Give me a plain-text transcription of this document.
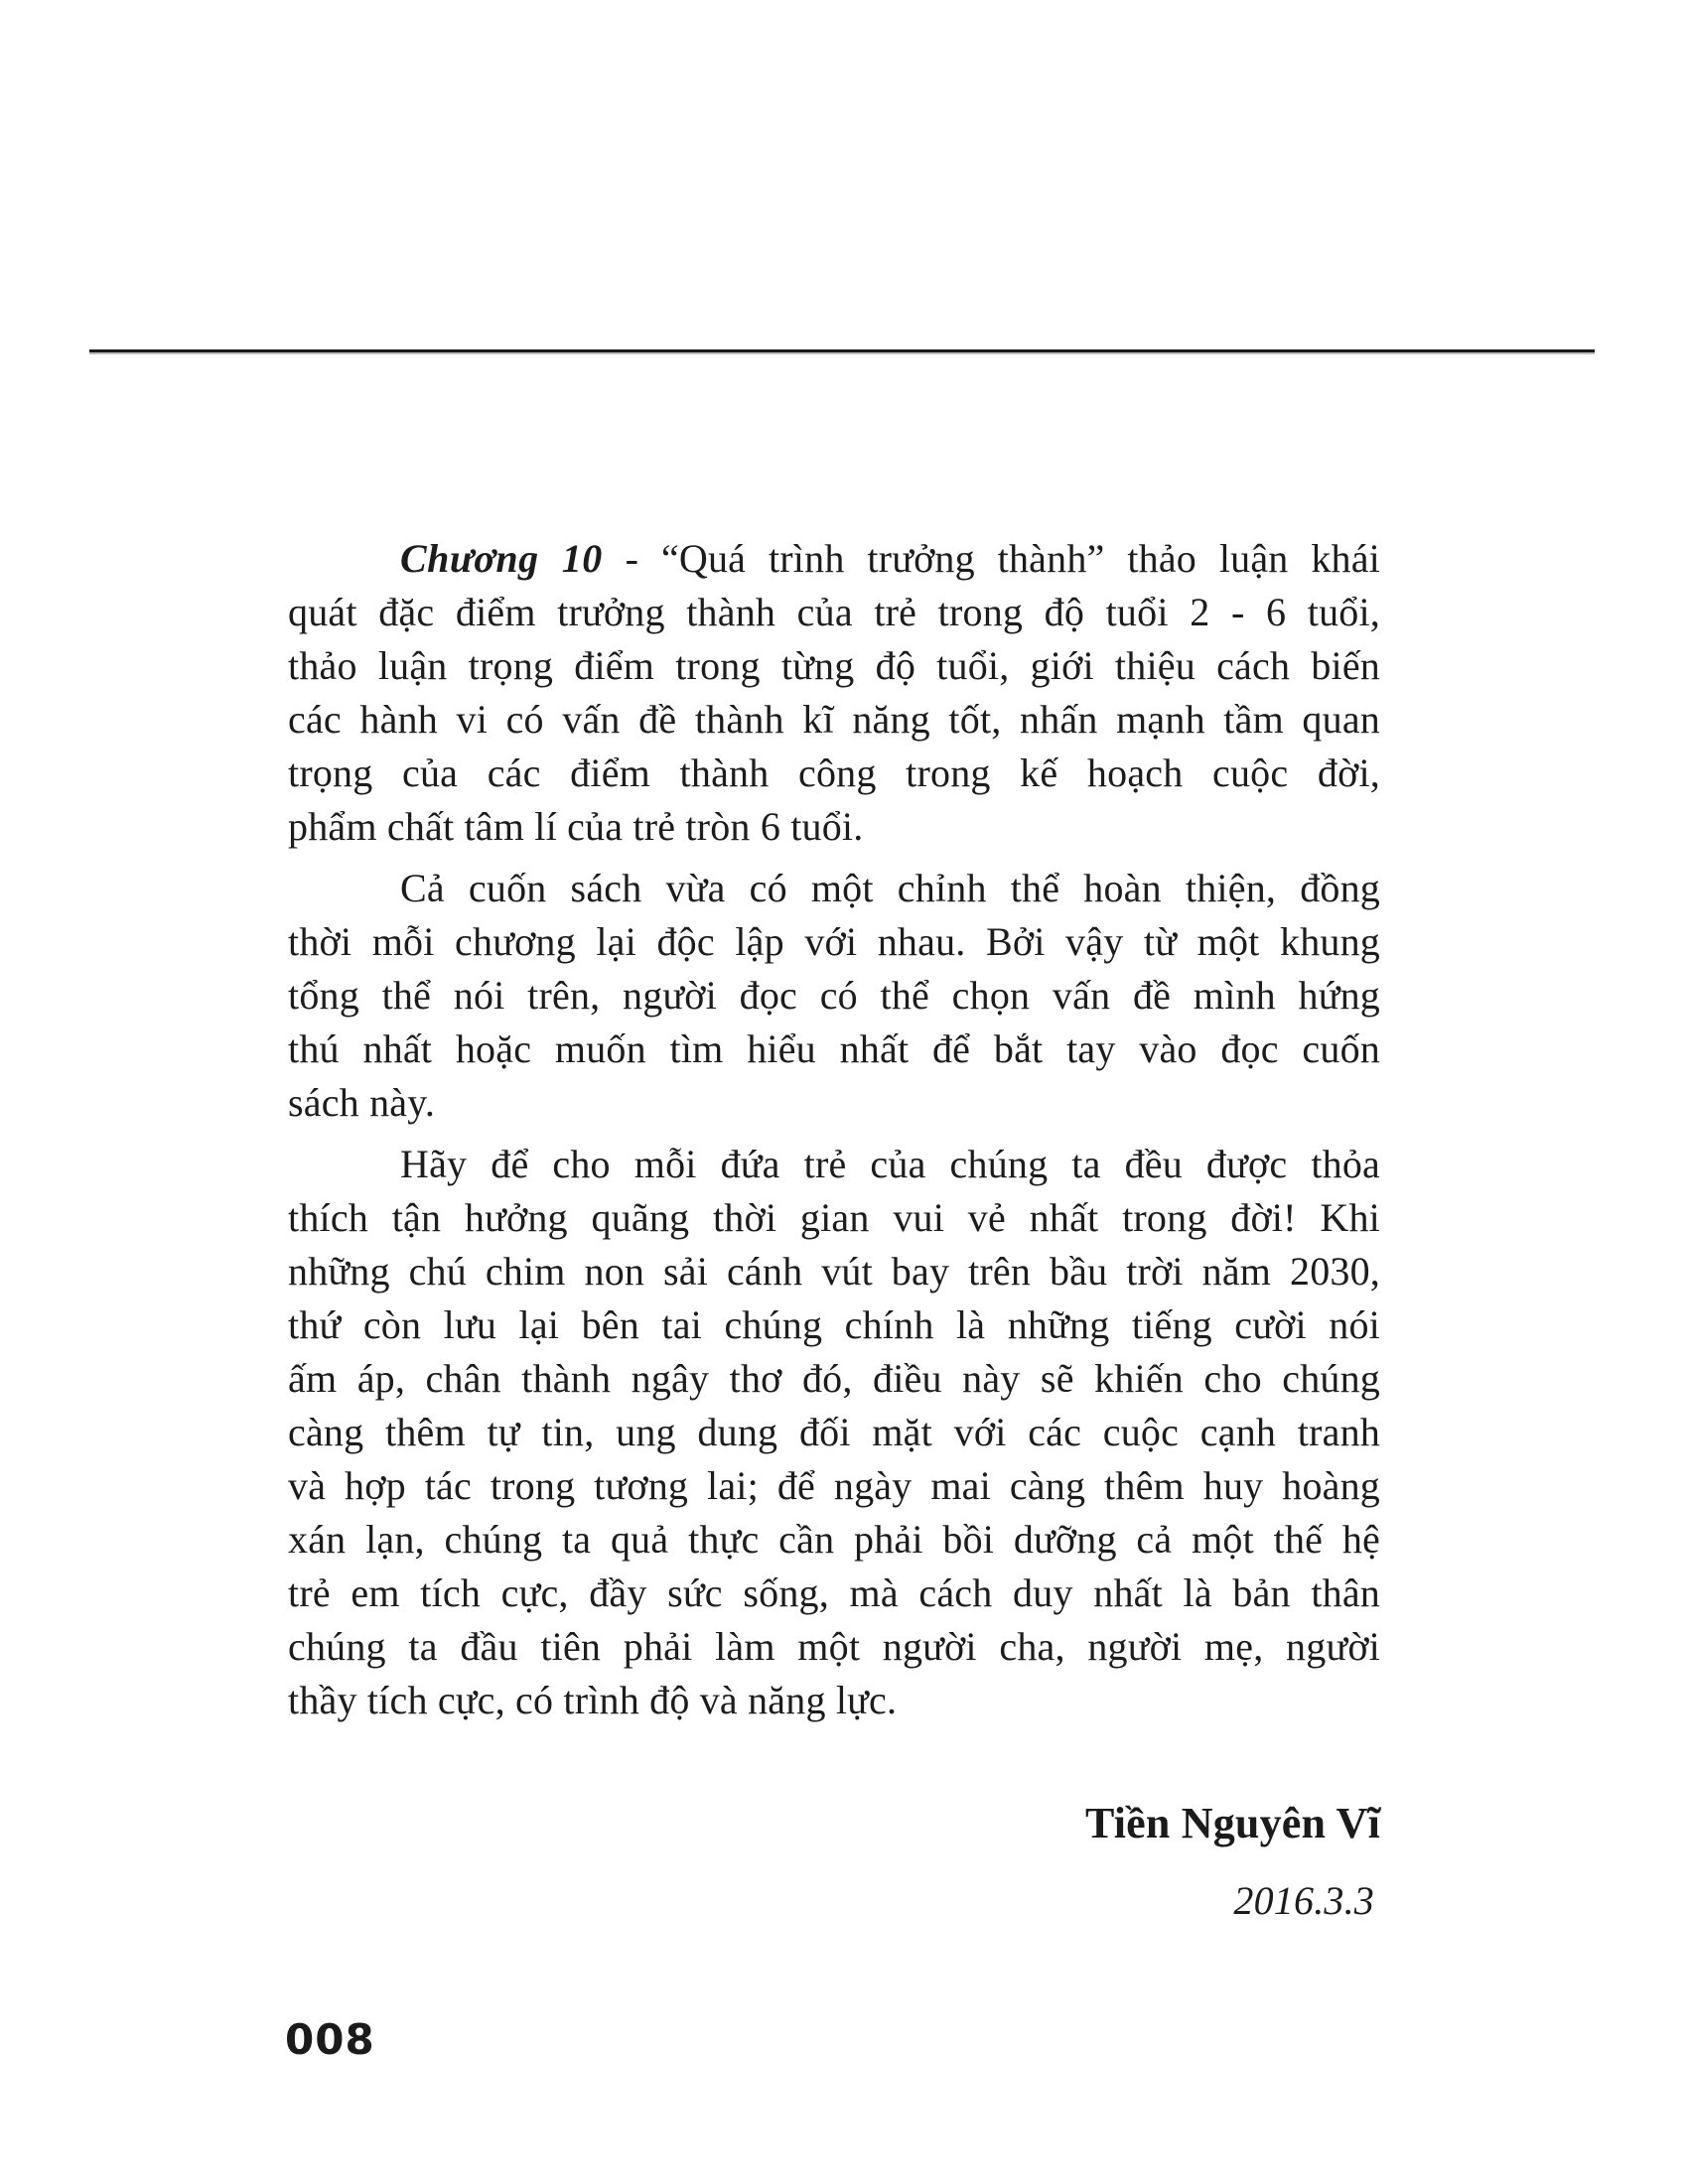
Chương 10 - “Quá trình trưởng thành” thảo luận khái
quát đặc điểm trưởng thành của trẻ trong độ tuổi 2 - 6 tuổi,
thảo luận trọng điểm trong từng độ tuổi, giới thiệu cách biến
các hành vi có vấn đề thành kĩ năng tốt, nhấn mạnh tầm quan
trọng của các điểm thành công trong kế hoạch cuộc đời,
phẩm chất tâm lí của trẻ tròn 6 tuổi.
Cả cuốn sách vừa có một chỉnh thể hoàn thiện, đồng
thời mỗi chương lại độc lập với nhau. Bởi vậy từ một khung
tổng thể nói trên, người đọc có thể chọn vấn đề mình hứng
thú nhất hoặc muốn tìm hiểu nhất để bắt tay vào đọc cuốn
sách này.
Hãy để cho mỗi đứa trẻ của chúng ta đều được thỏa
thích tận hưởng quãng thời gian vui vẻ nhất trong đời! Khi
những chú chim non sải cánh vút bay trên bầu trời năm 2030,
thứ còn lưu lại bên tai chúng chính là những tiếng cười nói
ấm áp, chân thành ngây thơ đó, điều này sẽ khiến cho chúng
càng thêm tự tin, ung dung đối mặt với các cuộc cạnh tranh
và hợp tác trong tương lai; để ngày mai càng thêm huy hoàng
xán lạn, chúng ta quả thực cần phải bồi dưỡng cả một thế hệ
trẻ em tích cực, đầy sức sống, mà cách duy nhất là bản thân
chúng ta đầu tiên phải làm một người cha, người mẹ, người
thầy tích cực, có trình độ và năng lực.
Tiền Nguyên Vĩ
2016.3.3
008
